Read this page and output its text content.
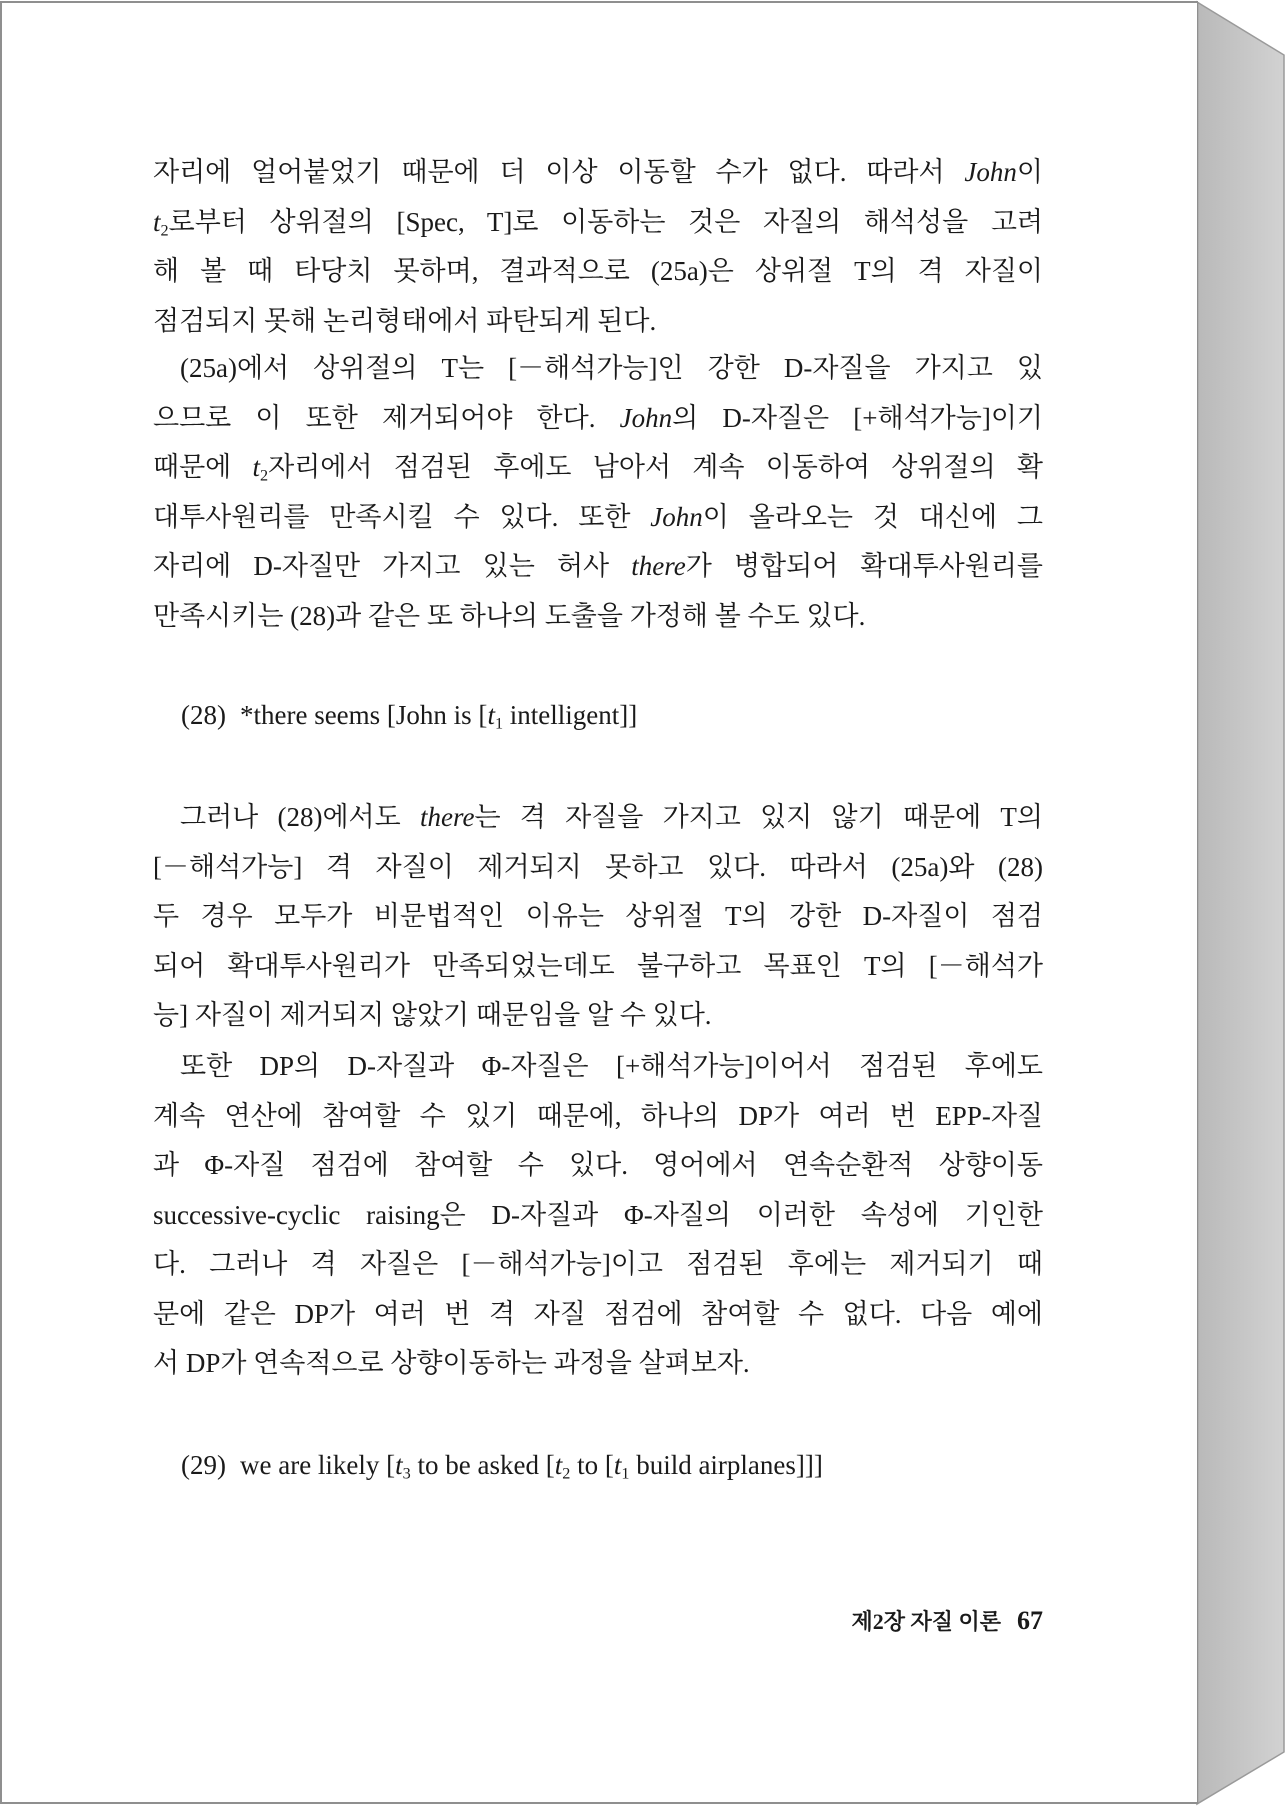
자리에 얼어붙었기 때문에 더 이상 이동할 수가 없다. 따라서 John이
$t_2$로부터 상위절의 [Spec, T]로 이동하는 것은 자질의 해석성을 고려
해 볼 때 타당치 못하며, 결과적으로 (25a)은 상위절 T의 격 자질이
점검되지 못해 논리형태에서 파탄되게 된다.
(25a)에서 상위절의 T는 [－해석가능]인 강한 D-자질을 가지고 있
으므로 이 또한 제거되어야 한다. John의 D-자질은 [+해석가능]이기
때문에 $t_2$자리에서 점검된 후에도 남아서 계속 이동하여 상위절의 확
대투사원리를 만족시킬 수 있다. 또한 John이 올라오는 것 대신에 그
자리에 D-자질만 가지고 있는 허사 there가 병합되어 확대투사원리를
만족시키는 (28)과 같은 또 하나의 도출을 가정해 볼 수도 있다.
(28) *there seems [John is [$t_1$ intelligent]]
그러나 (28)에서도 there는 격 자질을 가지고 있지 않기 때문에 T의
[－해석가능] 격 자질이 제거되지 못하고 있다. 따라서 (25a)와 (28)
두 경우 모두가 비문법적인 이유는 상위절 T의 강한 D-자질이 점검
되어 확대투사원리가 만족되었는데도 불구하고 목표인 T의 [－해석가
능] 자질이 제거되지 않았기 때문임을 알 수 있다.
또한 DP의 D-자질과 Φ-자질은 [+해석가능]이어서 점검된 후에도
계속 연산에 참여할 수 있기 때문에, 하나의 DP가 여러 번 EPP-자질
과 Φ-자질 점검에 참여할 수 있다. 영어에서 연속순환적 상향이동
successive-cyclic raising은 D-자질과 Φ-자질의 이러한 속성에 기인한
다. 그러나 격 자질은 [－해석가능]이고 점검된 후에는 제거되기 때
문에 같은 DP가 여러 번 격 자질 점검에 참여할 수 없다. 다음 예에
서 DP가 연속적으로 상향이동하는 과정을 살펴보자.
(29) we are likely [$t_3$ to be asked [$t_2$ to [$t_1$ build airplanes]]]
제2장 자질 이론 67
